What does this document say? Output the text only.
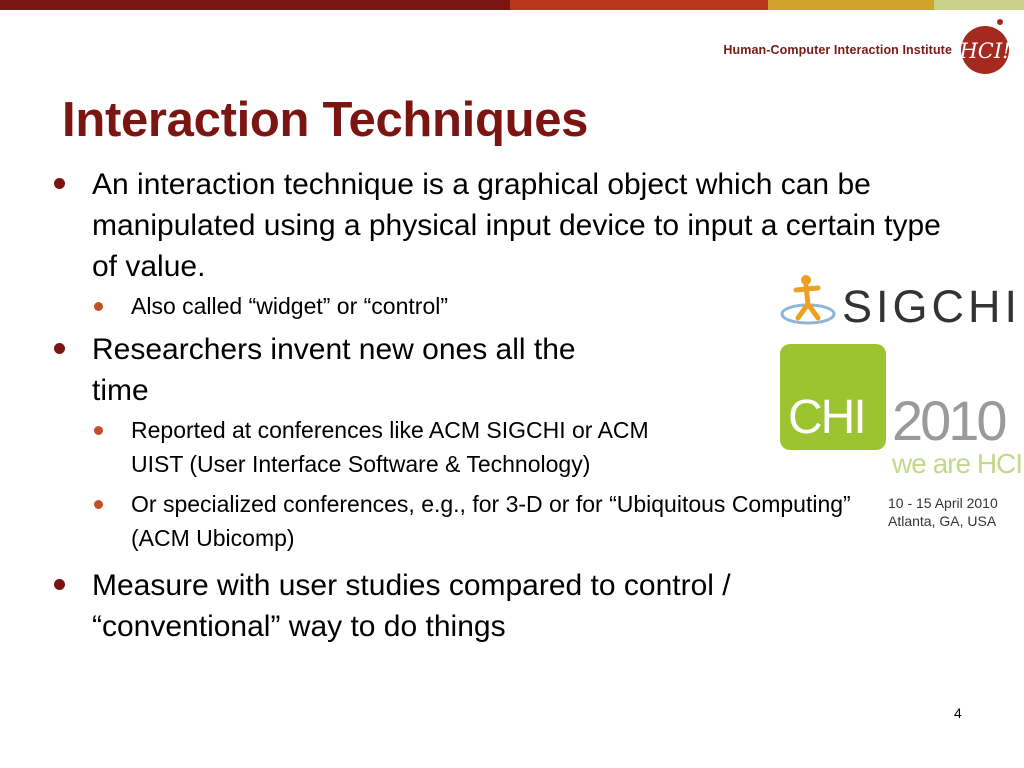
Human-Computer Interaction Institute HCI!
Interaction Techniques

An interaction technique is a graphical object which can be manipulated using a physical input device to input a certain type of value.

Also called “widget” or “control”

Researchers invent new ones all the time

Reported at conferences like ACM SIGCHI or ACM UIST (User Interface Software & Technology)

Or specialized conferences, e.g., for 3-D or for “Ubiquitous Computing” (ACM Ubicomp)

Measure with user studies compared to control / “conventional” way to do things

SIGCHI
CHI 2010
we are HCI
10 - 15 April 2010
Atlanta, GA, USA
4
